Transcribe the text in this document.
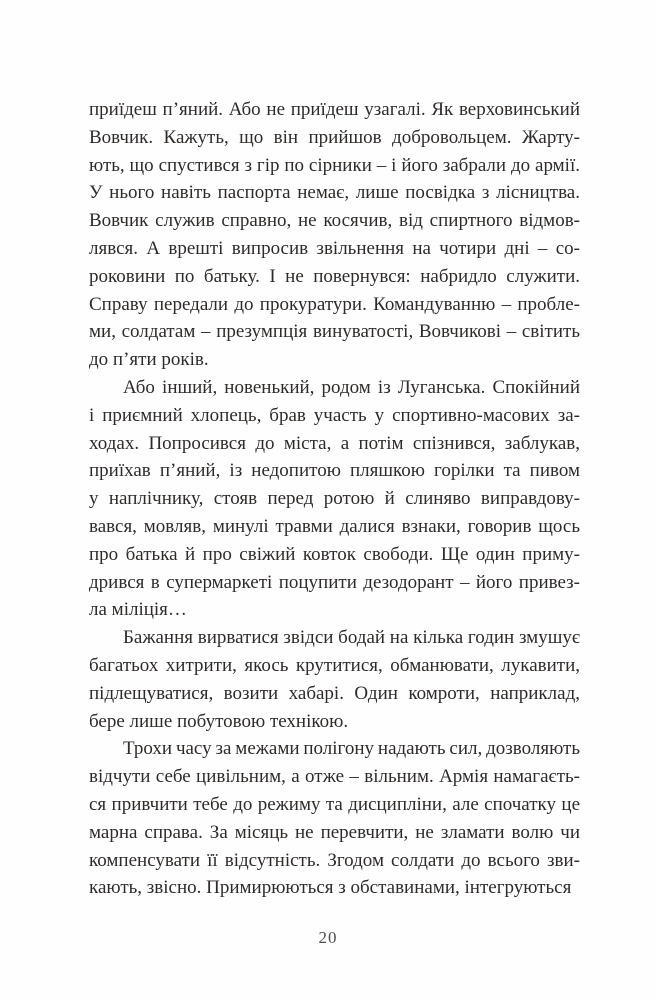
приїдеш п’яний. Або не приїдеш узагалі. Як верховинський
Вовчик. Кажуть, що він прийшов добровольцем. Жарту-
ють, що спустився з гір по сірники – і його забрали до армії.
У нього навіть паспорта немає, лише посвідка з лісництва.
Вовчик служив справно, не косячив, від спиртного відмов-
лявся. А врешті випросив звільнення на чотири дні – со-
роковини по батьку. І не повернувся: набридло служити.
Справу передали до прокуратури. Командуванню – пробле-
ми, солдатам – презумпція винуватості, Вовчикові – світить
до п’яти років.
Або інший, новенький, родом із Луганська. Спокійний
і приємний хлопець, брав участь у спортивно-масових за-
ходах. Попросився до міста, а потім спізнився, заблукав,
приїхав п’яний, із недопитою пляшкою горілки та пивом
у наплічнику, стояв перед ротою й слиняво виправдову-
вався, мовляв, минулі травми далися взнаки, говорив щось
про батька й про свіжий ковток свободи. Ще один приму-
дрився в супермаркеті поцупити дезодорант – його привез-
ла міліція…
Бажання вирватися звідси бодай на кілька годин змушує
багатьох хитрити, якось крутитися, обманювати, лукавити,
підлещуватися, возити хабарі. Один комроти, наприклад,
бере лише побутовою технікою.
Трохи часу за межами полігону надають сил, дозволяють
відчути себе цивільним, а отже – вільним. Армія намагаєть-
ся привчити тебе до режиму та дисципліни, але спочатку це
марна справа. За місяць не перевчити, не зламати волю чи
компенсувати її відсутність. Згодом солдати до всього зви-
кають, звісно. Примирюються з обставинами, інтегруються
20
